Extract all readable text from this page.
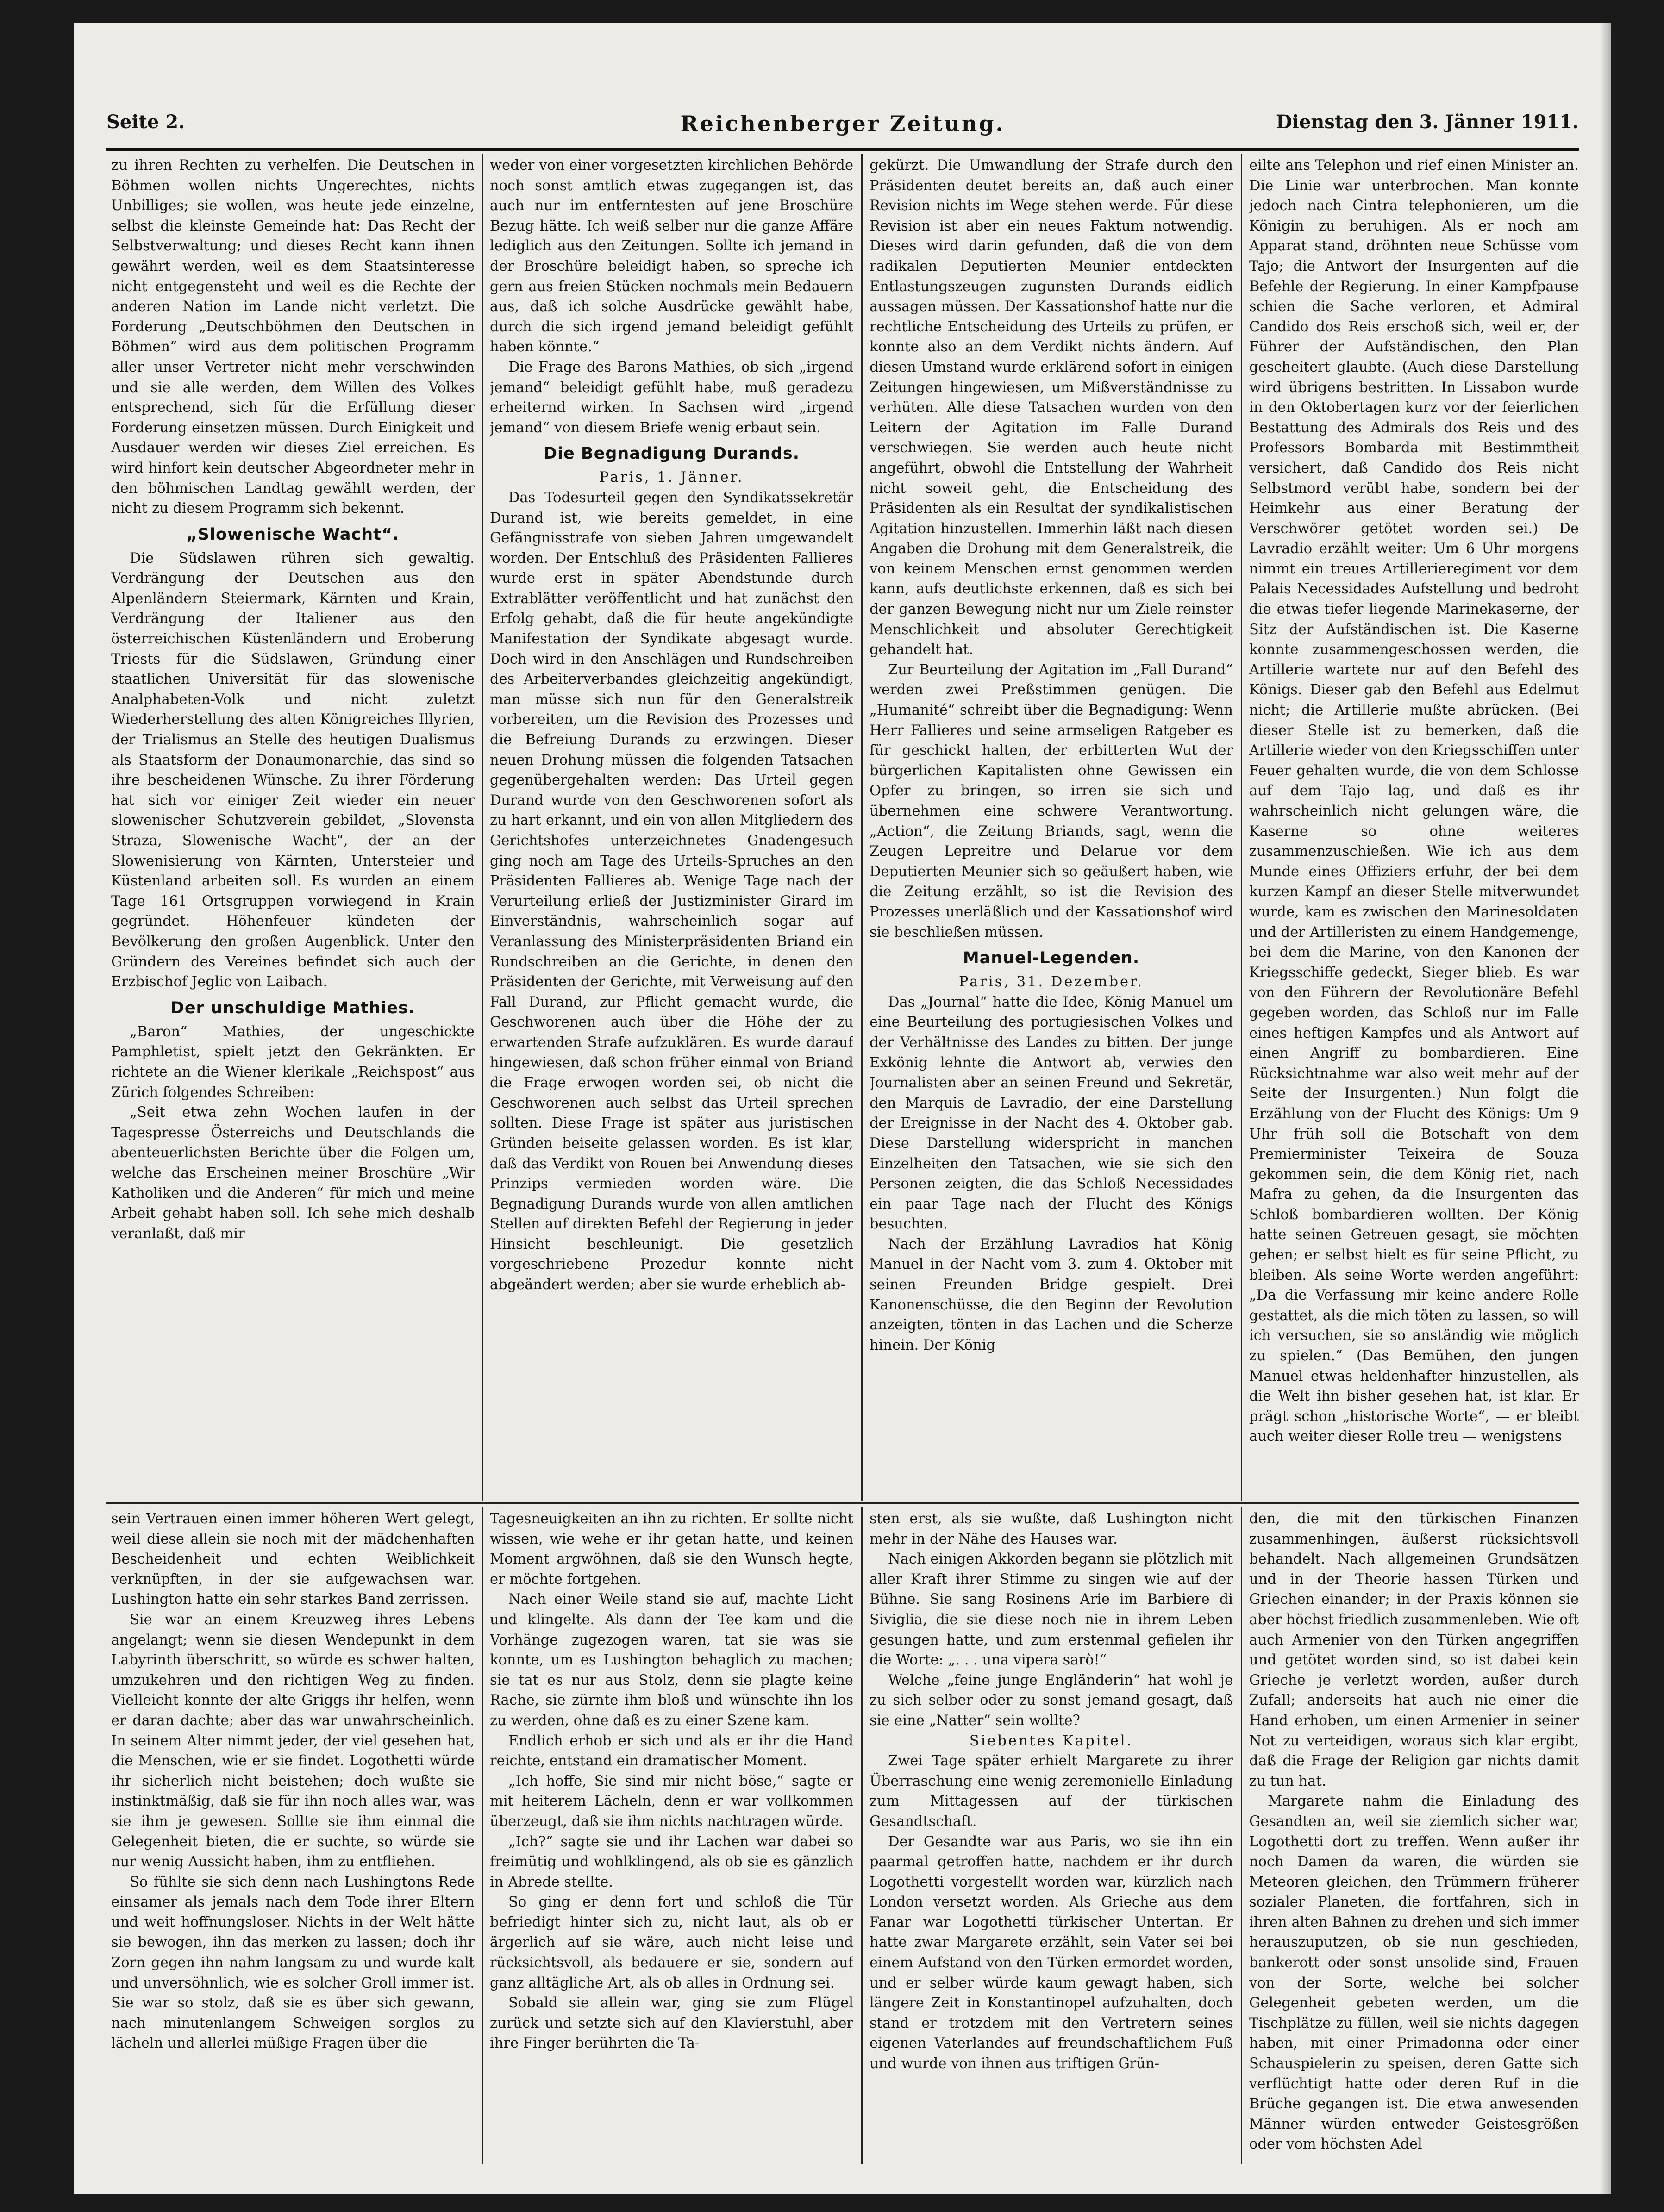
Seite 2.	Reichenberger Zeitung.	Dienstag den 3. Jänner 1911.

zu ihren Rechten zu verhelfen. Die Deutschen in Böhmen wollen nichts Ungerechtes, nichts Unbilliges; sie wollen, was heute jede einzelne, selbst die kleinste Gemeinde hat: Das Recht der Selbstverwaltung; und dieses Recht kann ihnen gewährt werden, weil es dem Staatsinteresse nicht entgegensteht und weil es die Rechte der anderen Nation im Lande nicht verletzt. Die Forderung „Deutschböhmen den Deutschen in Böhmen“ wird aus dem politischen Programm aller unser Vertreter nicht mehr verschwinden und sie alle werden, dem Willen des Volkes entsprechend, sich für die Erfüllung dieser Forderung einsetzen müssen. Durch Einigkeit und Ausdauer werden wir dieses Ziel erreichen. Es wird hinfort kein deutscher Abgeordneter mehr in den böhmischen Landtag gewählt werden, der nicht zu diesem Programm sich bekennt.

„Slowenische Wacht“.

Die Südslawen rühren sich gewaltig. Verdrängung der Deutschen aus den Alpenländern Steiermark, Kärnten und Krain, Verdrängung der Italiener aus den österreichischen Küstenländern und Eroberung Triests für die Südslawen, Gründung einer staatlichen Universität für das slowenische Analphabeten-Volk und nicht zuletzt Wiederherstellung des alten Königreiches Illyrien, der Trialismus an Stelle des heutigen Dualismus als Staatsform der Donaumonarchie, das sind so ihre bescheidenen Wünsche. Zu ihrer Förderung hat sich vor einiger Zeit wieder ein neuer slowenischer Schutzverein gebildet, „Slovensta Straza, Slowenische Wacht“, der an der Slowenisierung von Kärnten, Untersteier und Küstenland arbeiten soll. Es wurden an einem Tage 161 Ortsgruppen vorwiegend in Krain gegründet. Höhenfeuer kündeten der Bevölkerung den großen Augenblick. Unter den Gründern des Vereines befindet sich auch der Erzbischof Jeglic von Laibach.

Der unschuldige Mathies.

„Baron“ Mathies, der ungeschickte Pamphletist, spielt jetzt den Gekränkten. Er richtete an die Wiener klerikale „Reichspost“ aus Zürich folgendes Schreiben:

„Seit etwa zehn Wochen laufen in der Tagespresse Österreichs und Deutschlands die abenteuerlichsten Berichte über die Folgen um, welche das Erscheinen meiner Broschüre „Wir Katholiken und die Anderen“ für mich und meine Arbeit gehabt haben soll. Ich sehe mich deshalb veranlaßt, daß mir

weder von einer vorgesetzten kirchlichen Behörde noch sonst amtlich etwas zugegangen ist, das auch nur im entferntesten auf jene Broschüre Bezug hätte. Ich weiß selber nur die ganze Affäre lediglich aus den Zeitungen. Sollte ich jemand in der Broschüre beleidigt haben, so spreche ich gern aus freien Stücken nochmals mein Bedauern aus, daß ich solche Ausdrücke gewählt habe, durch die sich irgend jemand beleidigt gefühlt haben könnte.“

Die Frage des Barons Mathies, ob sich „irgend jemand“ beleidigt gefühlt habe, muß geradezu erheiternd wirken. In Sachsen wird „irgend jemand“ von diesem Briefe wenig erbaut sein.

Die Begnadigung Durands.

Paris, 1. Jänner.

Das Todesurteil gegen den Syndikatssekretär Durand ist, wie bereits gemeldet, in eine Gefängnisstrafe von sieben Jahren umgewandelt worden. Der Entschluß des Präsidenten Fallieres wurde erst in später Abendstunde durch Extrablätter veröffentlicht und hat zunächst den Erfolg gehabt, daß die für heute angekündigte Manifestation der Syndikate abgesagt wurde. Doch wird in den Anschlägen und Rundschreiben des Arbeiterverbandes gleichzeitig angekündigt, man müsse sich nun für den Generalstreik vorbereiten, um die Revision des Prozesses und die Befreiung Durands zu erzwingen. Dieser neuen Drohung müssen die folgenden Tatsachen gegenübergehalten werden: Das Urteil gegen Durand wurde von den Geschworenen sofort als zu hart erkannt, und ein von allen Mitgliedern des Gerichtshofes unterzeichnetes Gnadengesuch ging noch am Tage des Urteils-Spruches an den Präsidenten Fallieres ab. Wenige Tage nach der Verurteilung erließ der Justizminister Girard im Einverständnis, wahrscheinlich sogar auf Veranlassung des Ministerpräsidenten Briand ein Rundschreiben an die Gerichte, in denen den Präsidenten der Gerichte, mit Verweisung auf den Fall Durand, zur Pflicht gemacht wurde, die Geschworenen auch über die Höhe der zu erwartenden Strafe aufzuklären. Es wurde darauf hingewiesen, daß schon früher einmal von Briand die Frage erwogen worden sei, ob nicht die Geschworenen auch selbst das Urteil sprechen sollten. Diese Frage ist später aus juristischen Gründen beiseite gelassen worden. Es ist klar, daß das Verdikt von Rouen bei Anwendung dieses Prinzips vermieden worden wäre. Die Begnadigung Durands wurde von allen amtlichen Stellen auf direkten Befehl der Regierung in jeder Hinsicht beschleunigt. Die gesetzlich vorgeschriebene Prozedur konnte nicht abgeändert werden; aber sie wurde erheblich ab-

gekürzt. Die Umwandlung der Strafe durch den Präsidenten deutet bereits an, daß auch einer Revision nichts im Wege stehen werde. Für diese Revision ist aber ein neues Faktum notwendig. Dieses wird darin gefunden, daß die von dem radikalen Deputierten Meunier entdeckten Entlastungszeugen zugunsten Durands eidlich aussagen müssen. Der Kassationshof hatte nur die rechtliche Entscheidung des Urteils zu prüfen, er konnte also an dem Verdikt nichts ändern. Auf diesen Umstand wurde erklärend sofort in einigen Zeitungen hingewiesen, um Mißverständnisse zu verhüten. Alle diese Tatsachen wurden von den Leitern der Agitation im Falle Durand verschwiegen. Sie werden auch heute nicht angeführt, obwohl die Entstellung der Wahrheit nicht soweit geht, die Entscheidung des Präsidenten als ein Resultat der syndikalistischen Agitation hinzustellen. Immerhin läßt nach diesen Angaben die Drohung mit dem Generalstreik, die von keinem Menschen ernst genommen werden kann, aufs deutlichste erkennen, daß es sich bei der ganzen Bewegung nicht nur um Ziele reinster Menschlichkeit und absoluter Gerechtigkeit gehandelt hat.

Zur Beurteilung der Agitation im „Fall Durand“ werden zwei Preßstimmen genügen. Die „Humanité“ schreibt über die Begnadigung: Wenn Herr Fallieres und seine armseligen Ratgeber es für geschickt halten, der erbitterten Wut der bürgerlichen Kapitalisten ohne Gewissen ein Opfer zu bringen, so irren sie sich und übernehmen eine schwere Verantwortung. „Action“, die Zeitung Briands, sagt, wenn die Zeugen Lepreitre und Delarue vor dem Deputierten Meunier sich so geäußert haben, wie die Zeitung erzählt, so ist die Revision des Prozesses unerläßlich und der Kassationshof wird sie beschließen müssen.

Manuel-Legenden.

Paris, 31. Dezember.

Das „Journal“ hatte die Idee, König Manuel um eine Beurteilung des portugiesischen Volkes und der Verhältnisse des Landes zu bitten. Der junge Exkönig lehnte die Antwort ab, verwies den Journalisten aber an seinen Freund und Sekretär, den Marquis de Lavradio, der eine Darstellung der Ereignisse in der Nacht des 4. Oktober gab. Diese Darstellung widerspricht in manchen Einzelheiten den Tatsachen, wie sie sich den Personen zeigten, die das Schloß Necessidades ein paar Tage nach der Flucht des Königs besuchten.

Nach der Erzählung Lavradios hat König Manuel in der Nacht vom 3. zum 4. Oktober mit seinen Freunden Bridge gespielt. Drei Kanonenschüsse, die den Beginn der Revolution anzeigten, tönten in das Lachen und die Scherze hinein. Der König

eilte ans Telephon und rief einen Minister an. Die Linie war unterbrochen. Man konnte jedoch nach Cintra telephonieren, um die Königin zu beruhigen. Als er noch am Apparat stand, dröhnten neue Schüsse vom Tajo; die Antwort der Insurgenten auf die Befehle der Regierung. In einer Kampfpause schien die Sache verloren, et Admiral Candido dos Reis erschoß sich, weil er, der Führer der Aufständischen, den Plan gescheitert glaubte. (Auch diese Darstellung wird übrigens bestritten. In Lissabon wurde in den Oktobertagen kurz vor der feierlichen Bestattung des Admirals dos Reis und des Professors Bombarda mit Bestimmtheit versichert, daß Candido dos Reis nicht Selbstmord verübt habe, sondern bei der Heimkehr aus einer Beratung der Verschwörer getötet worden sei.) De Lavradio erzählt weiter: Um 6 Uhr morgens nimmt ein treues Artillerieregiment vor dem Palais Necessidades Aufstellung und bedroht die etwas tiefer liegende Marinekaserne, der Sitz der Aufständischen ist. Die Kaserne konnte zusammengeschossen werden, die Artillerie wartete nur auf den Befehl des Königs. Dieser gab den Befehl aus Edelmut nicht; die Artillerie mußte abrücken. (Bei dieser Stelle ist zu bemerken, daß die Artillerie wieder von den Kriegsschiffen unter Feuer gehalten wurde, die von dem Schlosse auf dem Tajo lag, und daß es ihr wahrscheinlich nicht gelungen wäre, die Kaserne so ohne weiteres zusammenzuschießen. Wie ich aus dem Munde eines Offiziers erfuhr, der bei dem kurzen Kampf an dieser Stelle mitverwundet wurde, kam es zwischen den Marinesoldaten und der Artilleristen zu einem Handgemenge, bei dem die Marine, von den Kanonen der Kriegsschiffe gedeckt, Sieger blieb. Es war von den Führern der Revolutionäre Befehl gegeben worden, das Schloß nur im Falle eines heftigen Kampfes und als Antwort auf einen Angriff zu bombardieren. Eine Rücksichtnahme war also weit mehr auf der Seite der Insurgenten.) Nun folgt die Erzählung von der Flucht des Königs: Um 9 Uhr früh soll die Botschaft von dem Premierminister Teixeira de Souza gekommen sein, die dem König riet, nach Mafra zu gehen, da die Insurgenten das Schloß bombardieren wollten. Der König hatte seinen Getreuen gesagt, sie möchten gehen; er selbst hielt es für seine Pflicht, zu bleiben. Als seine Worte werden angeführt: „Da die Verfassung mir keine andere Rolle gestattet, als die mich töten zu lassen, so will ich versuchen, sie so anständig wie möglich zu spielen.“ (Das Bemühen, den jungen Manuel etwas heldenhafter hinzustellen, als die Welt ihn bisher gesehen hat, ist klar. Er prägt schon „historische Worte“, — er bleibt auch weiter dieser Rolle treu — wenigstens

sein Vertrauen einen immer höheren Wert gelegt, weil diese allein sie noch mit der mädchenhaften Bescheidenheit und echten Weiblichkeit verknüpften, in der sie aufgewachsen war. Lushington hatte ein sehr starkes Band zerrissen.

Sie war an einem Kreuzweg ihres Lebens angelangt; wenn sie diesen Wendepunkt in dem Labyrinth überschritt, so würde es schwer halten, umzukehren und den richtigen Weg zu finden. Vielleicht konnte der alte Griggs ihr helfen, wenn er daran dachte; aber das war unwahrscheinlich. In seinem Alter nimmt jeder, der viel gesehen hat, die Menschen, wie er sie findet. Logothetti würde ihr sicherlich nicht beistehen; doch wußte sie instinktmäßig, daß sie für ihn noch alles war, was sie ihm je gewesen. Sollte sie ihm einmal die Gelegenheit bieten, die er suchte, so würde sie nur wenig Aussicht haben, ihm zu entfliehen.

So fühlte sie sich denn nach Lushingtons Rede einsamer als jemals nach dem Tode ihrer Eltern und weit hoffnungsloser. Nichts in der Welt hätte sie bewogen, ihn das merken zu lassen; doch ihr Zorn gegen ihn nahm langsam zu und wurde kalt und unversöhnlich, wie es solcher Groll immer ist. Sie war so stolz, daß sie es über sich gewann, nach minutenlangem Schweigen sorglos zu lächeln und allerlei müßige Fragen über die

Tagesneuigkeiten an ihn zu richten. Er sollte nicht wissen, wie wehe er ihr getan hatte, und keinen Moment argwöhnen, daß sie den Wunsch hegte, er möchte fortgehen.

Nach einer Weile stand sie auf, machte Licht und klingelte. Als dann der Tee kam und die Vorhänge zugezogen waren, tat sie was sie konnte, um es Lushington behaglich zu machen; sie tat es nur aus Stolz, denn sie plagte keine Rache, sie zürnte ihm bloß und wünschte ihn los zu werden, ohne daß es zu einer Szene kam.

Endlich erhob er sich und als er ihr die Hand reichte, entstand ein dramatischer Moment.

„Ich hoffe, Sie sind mir nicht böse,“ sagte er mit heiterem Lächeln, denn er war vollkommen überzeugt, daß sie ihm nichts nachtragen würde.

„Ich?“ sagte sie und ihr Lachen war dabei so freimütig und wohlklingend, als ob sie es gänzlich in Abrede stellte.

So ging er denn fort und schloß die Tür befriedigt hinter sich zu, nicht laut, als ob er ärgerlich auf sie wäre, auch nicht leise und rücksichtsvoll, als bedauere er sie, sondern auf ganz alltägliche Art, als ob alles in Ordnung sei.

Sobald sie allein war, ging sie zum Flügel zurück und setzte sich auf den Klavierstuhl, aber ihre Finger berührten die Ta-

sten erst, als sie wußte, daß Lushington nicht mehr in der Nähe des Hauses war.

Nach einigen Akkorden begann sie plötzlich mit aller Kraft ihrer Stimme zu singen wie auf der Bühne. Sie sang Rosinens Arie im Barbiere di Siviglia, die sie diese noch nie in ihrem Leben gesungen hatte, und zum erstenmal gefielen ihr die Worte: „. . . una vipera sarò!“

Welche „feine junge Engländerin“ hat wohl je zu sich selber oder zu sonst jemand gesagt, daß sie eine „Natter“ sein wollte?

Siebentes Kapitel.

Zwei Tage später erhielt Margarete zu ihrer Überraschung eine wenig zeremonielle Einladung zum Mittagessen auf der türkischen Gesandtschaft.

Der Gesandte war aus Paris, wo sie ihn ein paarmal getroffen hatte, nachdem er ihr durch Logothetti vorgestellt worden war, kürzlich nach London versetzt worden. Als Grieche aus dem Fanar war Logothetti türkischer Untertan. Er hatte zwar Margarete erzählt, sein Vater sei bei einem Aufstand von den Türken ermordet worden, und er selber würde kaum gewagt haben, sich längere Zeit in Konstantinopel aufzuhalten, doch stand er trotzdem mit den Vertretern seines eigenen Vaterlandes auf freundschaftlichem Fuß und wurde von ihnen aus triftigen Grün-

den, die mit den türkischen Finanzen zusammenhingen, äußerst rücksichtsvoll behandelt. Nach allgemeinen Grundsätzen und in der Theorie hassen Türken und Griechen einander; in der Praxis können sie aber höchst friedlich zusammenleben. Wie oft auch Armenier von den Türken angegriffen und getötet worden sind, so ist dabei kein Grieche je verletzt worden, außer durch Zufall; anderseits hat auch nie einer die Hand erhoben, um einen Armenier in seiner Not zu verteidigen, woraus sich klar ergibt, daß die Frage der Religion gar nichts damit zu tun hat.

Margarete nahm die Einladung des Gesandten an, weil sie ziemlich sicher war, Logothetti dort zu treffen. Wenn außer ihr noch Damen da waren, die würden sie Meteoren gleichen, den Trümmern früherer sozialer Planeten, die fortfahren, sich in ihren alten Bahnen zu drehen und sich immer herauszuputzen, ob sie nun geschieden, bankerott oder sonst unsolide sind, Frauen von der Sorte, welche bei solcher Gelegenheit gebeten werden, um die Tischplätze zu füllen, weil sie nichts dagegen haben, mit einer Primadonna oder einer Schauspielerin zu speisen, deren Gatte sich verflüchtigt hatte oder deren Ruf in die Brüche gegangen ist. Die etwa anwesenden Männer würden entweder Geistesgrößen oder vom höchsten Adel
